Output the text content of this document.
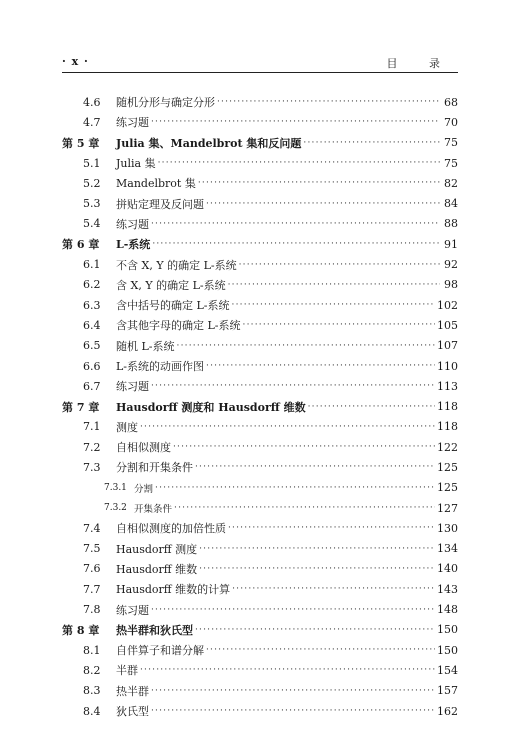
· x ·	目 录
4.6	随机分形与确定分形 ·····	68
4.7	练习题 ·····	70
第 5 章	Julia 集、Mandelbrot 集和反问题 ·····	75
5.1	Julia 集 ·····	75
5.2	Mandelbrot 集 ·····	82
5.3	拼贴定理及反问题 ·····	84
5.4	练习题 ·····	88
第 6 章	L-系统 ·····	91
6.1	不含 X, Y 的确定 L-系统 ·····	92
6.2	含 X, Y 的确定 L-系统 ·····	98
6.3	含中括号的确定 L-系统 ·····	102
6.4	含其他字母的确定 L-系统 ·····	105
6.5	随机 L-系统 ·····	107
6.6	L-系统的动画作图 ·····	110
6.7	练习题 ·····	113
第 7 章	Hausdorff 测度和 Hausdorff 维数 ·····	118
7.1	测度 ·····	118
7.2	自相似测度 ·····	122
7.3	分割和开集条件 ·····	125
7.3.1 分割 ·····	125
7.3.2 开集条件 ·····	127
7.4	自相似测度的加倍性质 ·····	130
7.5	Hausdorff 测度 ·····	134
7.6	Hausdorff 维数 ·····	140
7.7	Hausdorff 维数的计算 ·····	143
7.8	练习题 ·····	148
第 8 章	热半群和狄氏型 ·····	150
8.1	自伴算子和谱分解 ·····	150
8.2	半群 ·····	154
8.3	热半群 ·····	157
8.4	狄氏型 ·····	162
